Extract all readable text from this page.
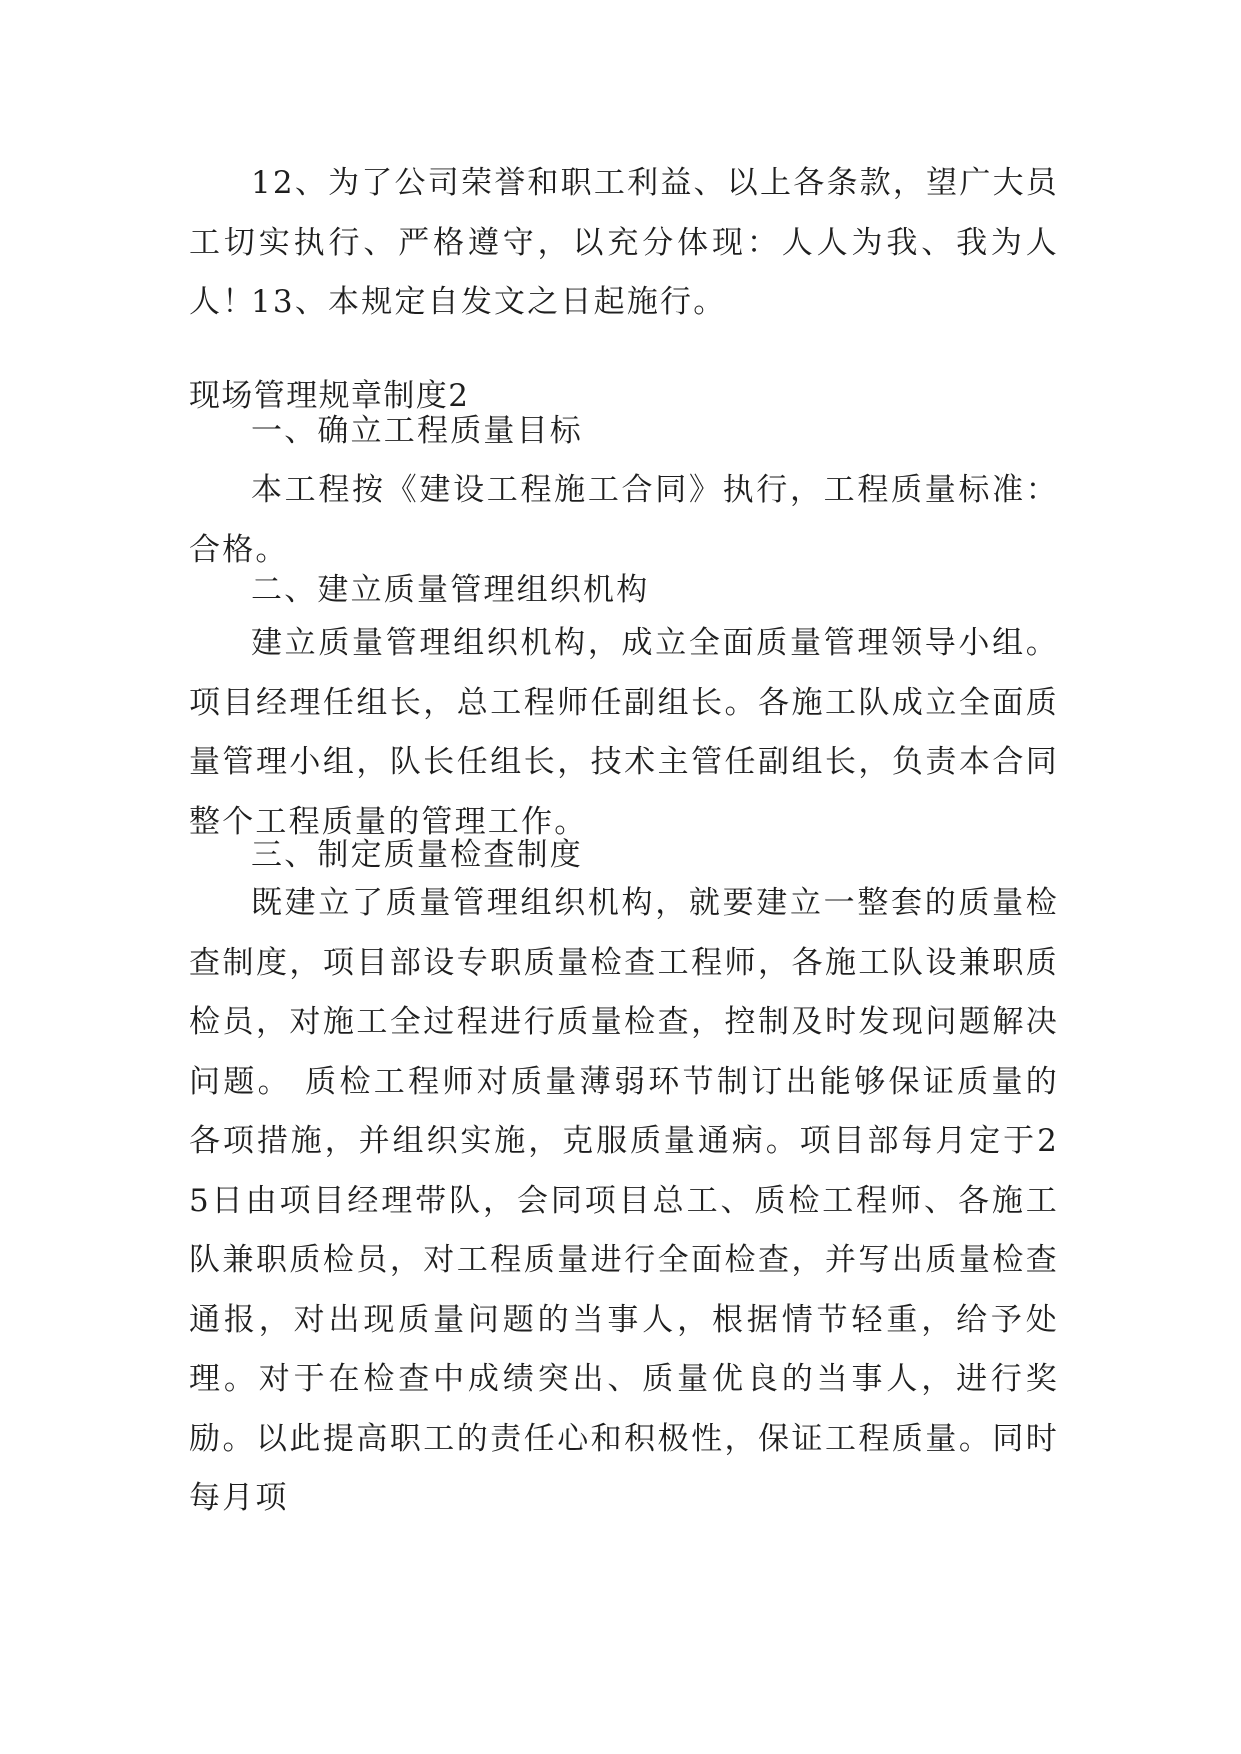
12、为了公司荣誉和职工利益、以上各条款，望广大员工切实执行、严格遵守，以充分体现：人人为我、我为人人！

13、本规定自发文之日起施行。

现场管理规章制度2

一、确立工程质量目标

本工程按《建设工程施工合同》执行，工程质量标准：合格。

二、建立质量管理组织机构

建立质量管理组织机构，成立全面质量管理领导小组。项目经理任组长，总工程师任副组长。各施工队成立全面质量管理小组，队长任组长，技术主管任副组长，负责本合同整个工程质量的管理工作。

三、制定质量检查制度

既建立了质量管理组织机构，就要建立一整套的质量检查制度，项目部设专职质量检查工程师，各施工队设兼职质检员，对施工全过程进行质量检查，控制及时发现问题解决问题。 质检工程师对质量薄弱环节制订出能够保证质量的各项措施，并组织实施，克服质量通病。项目部每月定于25日由项目经理带队，会同项目总工、质检工程师、各施工队兼职质检员，对工程质量进行全面检查，并写出质量检查通报，对出现质量问题的当事人，根据情节轻重，给予处理。对于在检查中成绩突出、质量优良的当事人，进行奖励。以此提高职工的责任心和积极性，保证工程质量。同时每月项
